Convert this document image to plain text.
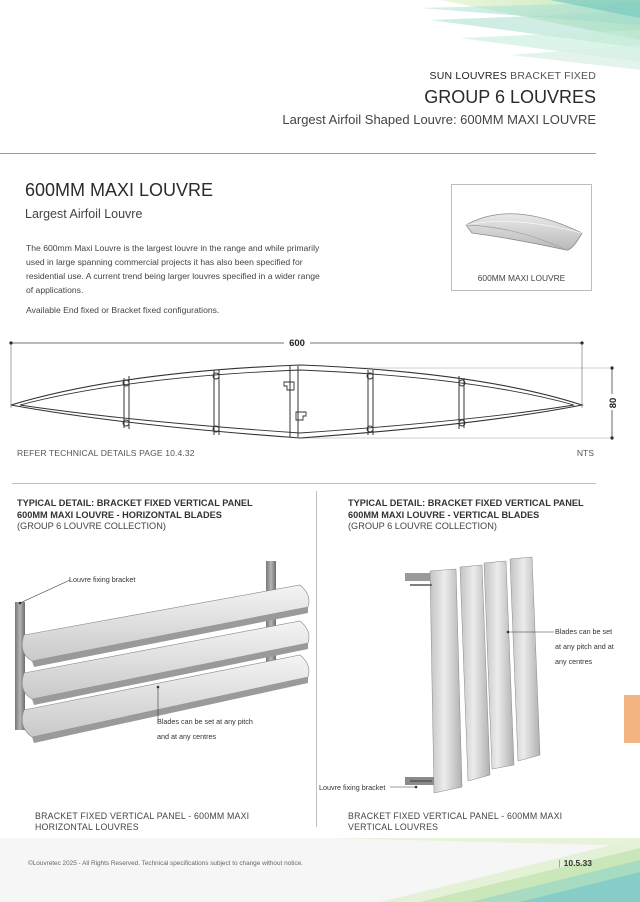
SUN LOUVRES BRACKET FIXED
GROUP 6 LOUVRES
Largest Airfoil Shaped Louvre: 600MM MAXI LOUVRE
600MM MAXI LOUVRE
Largest Airfoil Louvre
The 600mm Maxi Louvre is the largest louvre in the range and while primarily used in large spanning commercial projects it has also been specified for residential use. A current trend being larger louvres specified in a wider range of applications.
Available End fixed or Bracket fixed configurations.
600MM MAXI LOUVRE
600
80
REFER TECHNICAL DETAILS PAGE 10.4.32	NTS
TYPICAL DETAIL: BRACKET FIXED VERTICAL PANEL
600MM MAXI LOUVRE - HORIZONTAL BLADES
(GROUP 6 LOUVRE COLLECTION)
Louvre fixing bracket
Blades can be set at any pitch
and at any centres
BRACKET FIXED VERTICAL PANEL - 600MM MAXI
HORIZONTAL LOUVRES
TYPICAL DETAIL: BRACKET FIXED VERTICAL PANEL
600MM MAXI LOUVRE - VERTICAL BLADES
(GROUP 6 LOUVRE COLLECTION)
Blades can be set
at any pitch and at
any centres
Louvre fixing bracket
BRACKET FIXED VERTICAL PANEL - 600MM MAXI
VERTICAL LOUVRES
©Louvretec 2025 - All Rights Reserved. Technical specifications subject to change without notice.	| 10.5.33
